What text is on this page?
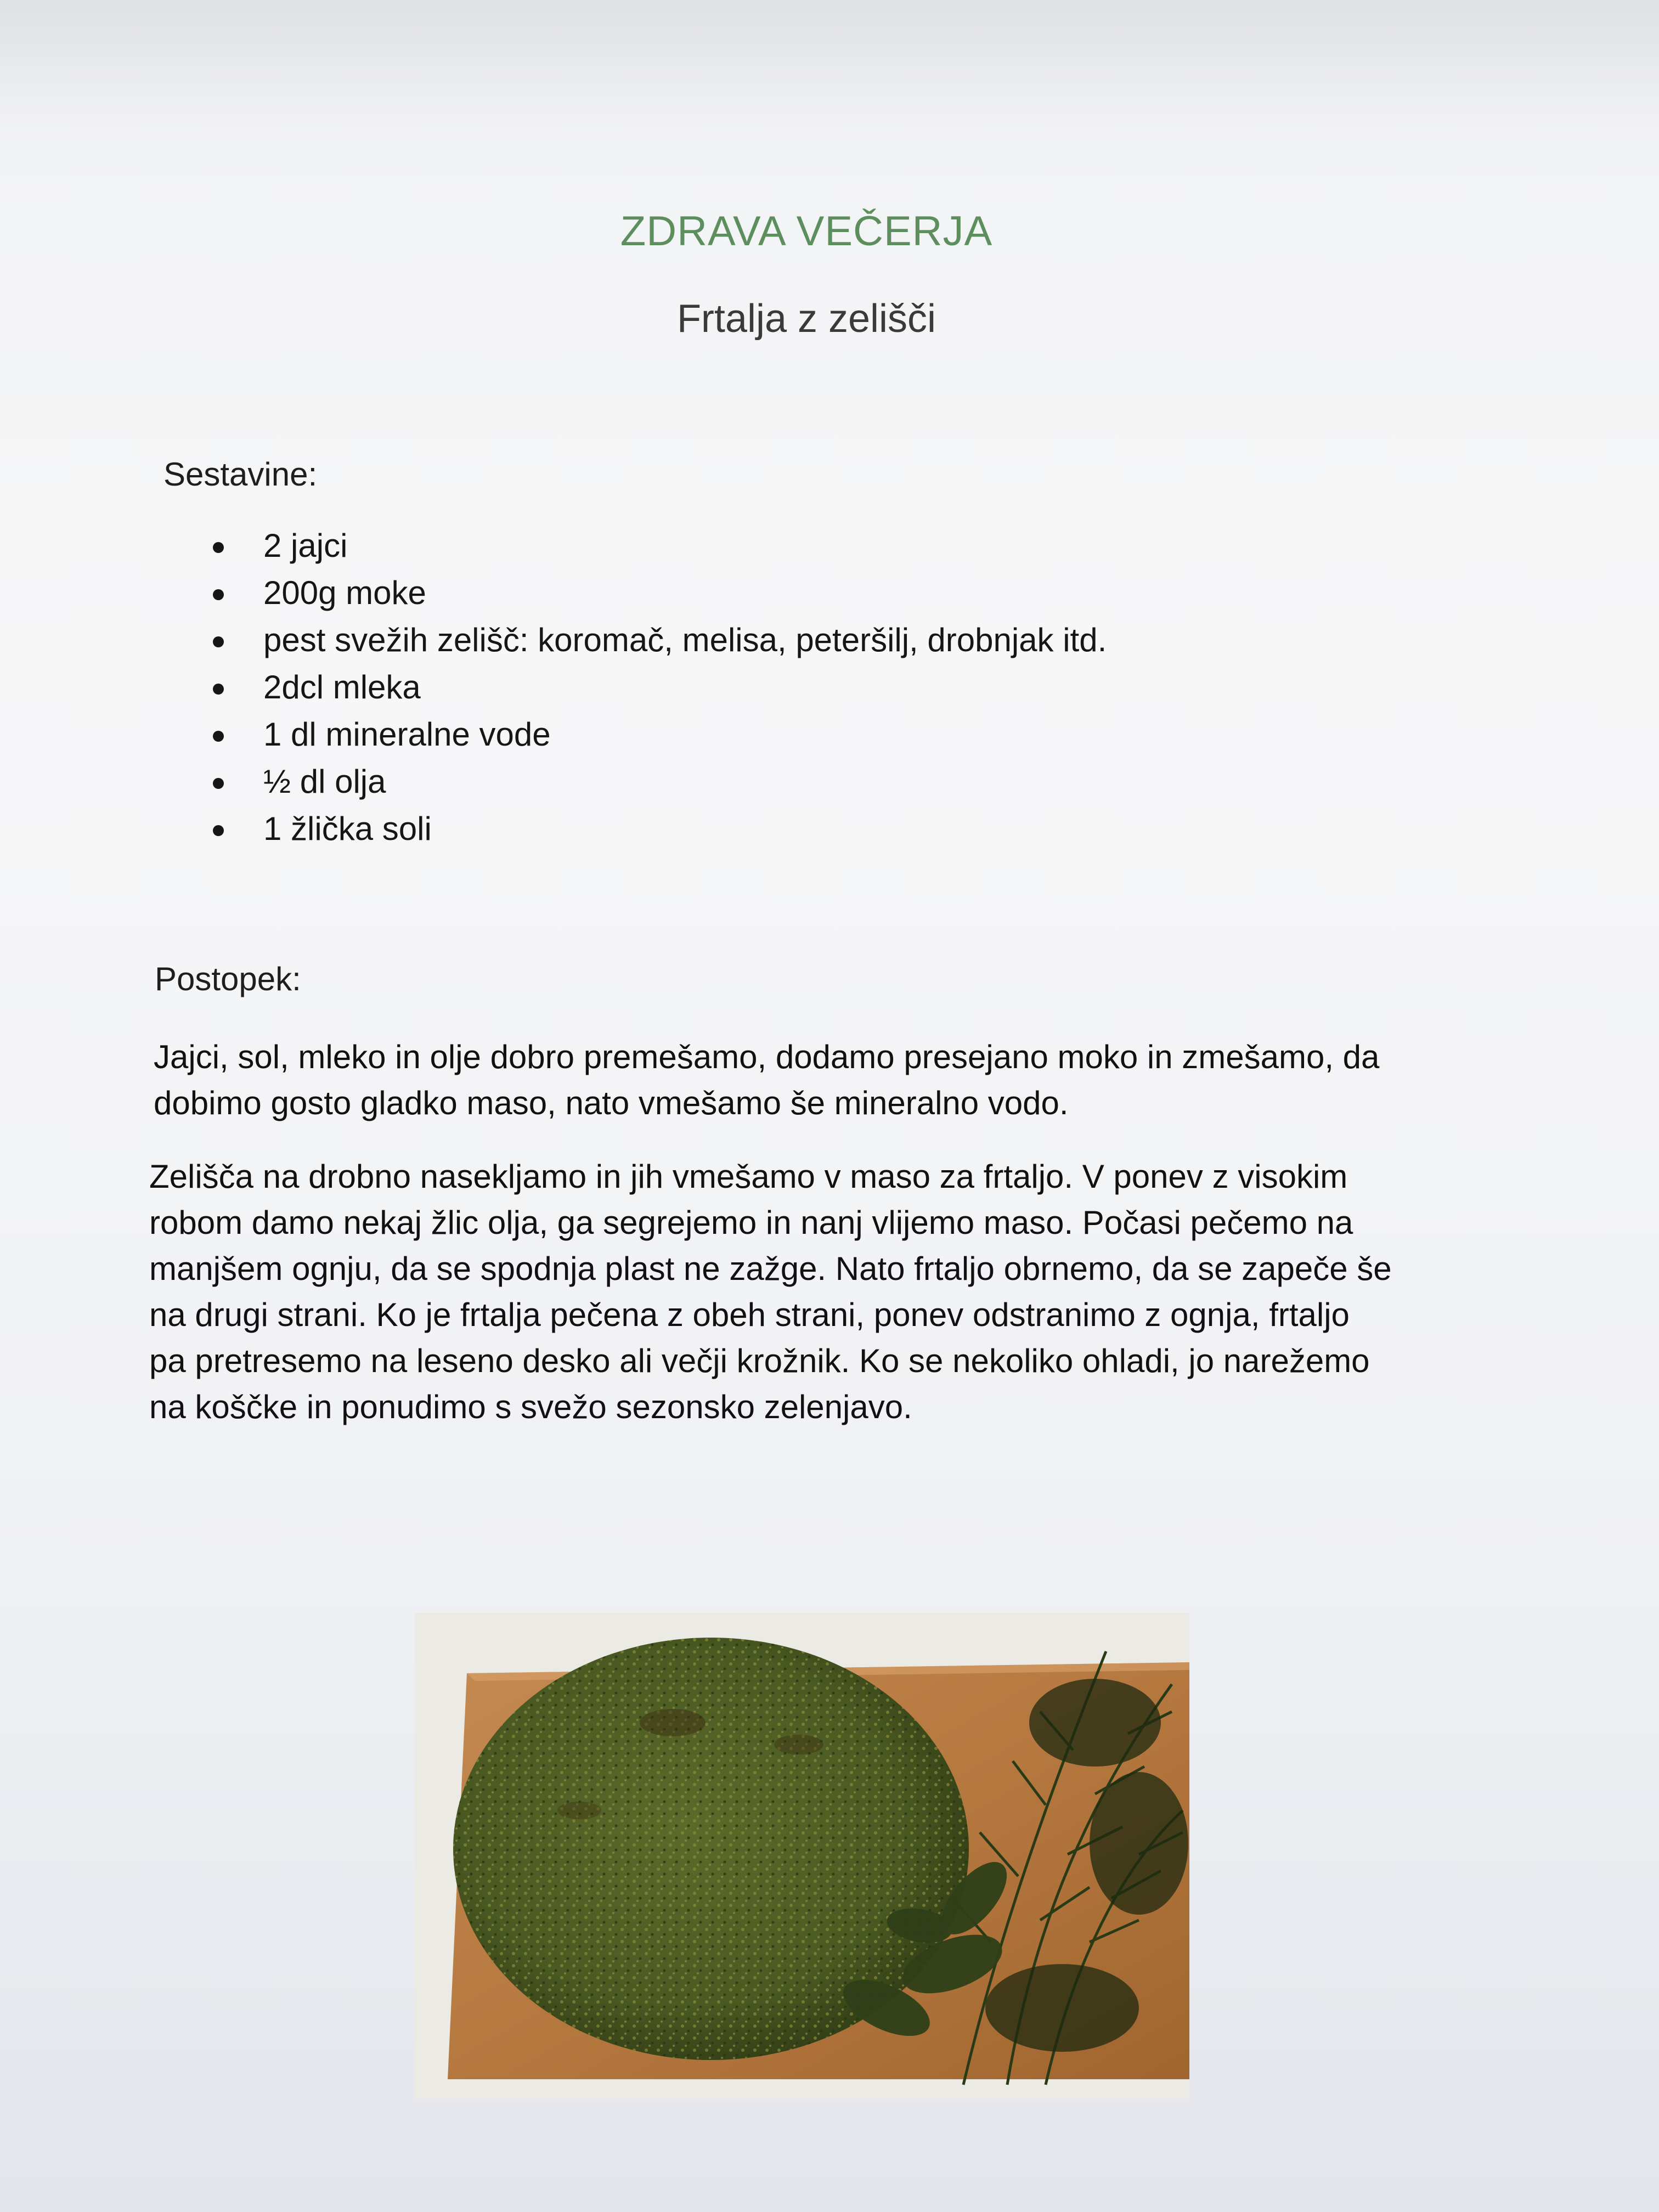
ZDRAVA VEČERJA
Frtalja z zelišči
Sestavine:
2 jajci
200g moke
pest svežih zelišč: koromač, melisa, peteršilj, drobnjak itd.
2dcl mleka
1 dl mineralne vode
½ dl olja
1 žlička soli
Postopek:

Jajci, sol, mleko in olje dobro premešamo, dodamo presejano moko in zmešamo, da
dobimo gosto gladko maso, nato vmešamo še mineralno vodo.

Zelišča na drobno nasekljamo in jih vmešamo v maso za frtaljo. V ponev z visokim
robom damo nekaj žlic olja, ga segrejemo in nanj vlijemo maso. Počasi pečemo na
manjšem ognju, da se spodnja plast ne zažge. Nato frtaljo obrnemo, da se zapeče še
na drugi strani. Ko je frtalja pečena z obeh strani, ponev odstranimo z ognja, frtaljo
pa pretresemo na leseno desko ali večji krožnik. Ko se nekoliko ohladi, jo narežemo
na koščke in ponudimo s svežo sezonsko zelenjavo.
